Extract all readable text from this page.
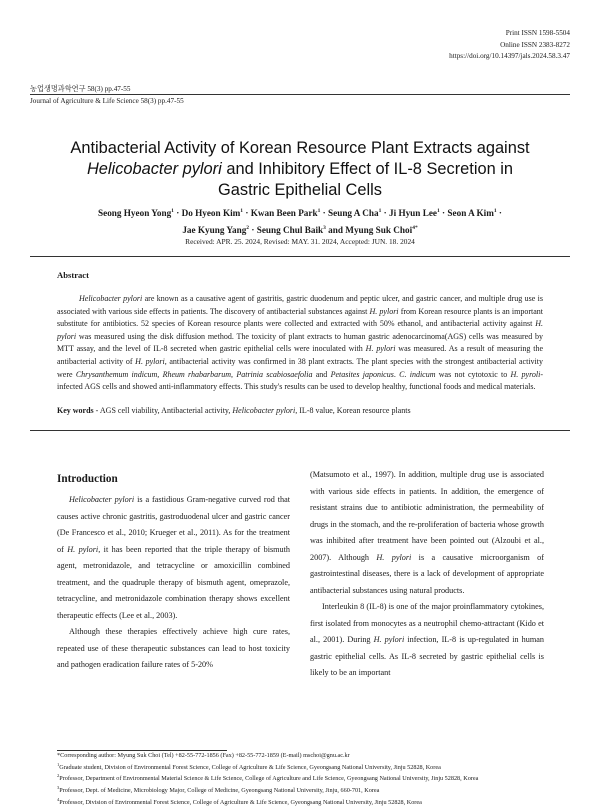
Print ISSN 1598-5504
Online ISSN 2383-8272
https://doi.org/10.14397/jals.2024.58.3.47
농업생명과학연구 58(3) pp.47-55
Journal of Agriculture & Life Science 58(3) pp.47-55
Antibacterial Activity of Korean Resource Plant Extracts against
Helicobacter pylori and Inhibitory Effect of IL-8 Secretion in
Gastric Epithelial Cells
Seong Hyeon Yong$^1$ · Do Hyeon Kim$^1$ · Kwan Been Park$^1$ · Seung A Cha$^1$ · Ji Hyun Lee$^1$ · Seon A Kim$^1$ ·
Jae Kyung Yang$^2$ · Seung Chul Baik$^3$ and Myung Suk Choi$^{4*}$
Received: APR. 25. 2024, Revised: MAY. 31. 2024, Accepted: JUN. 18. 2024
Abstract
Helicobacter pylori are known as a causative agent of gastritis, gastric duodenum and peptic ulcer, and gastric cancer, and multiple drug use is associated with various side effects in patients. The discovery of antibacterial substances against H. pylori from Korean resource plants is an important substitute for antibiotics. 52 species of Korean resource plants were collected and extracted with 50% ethanol, and antibacterial activity against H. pylori was measured using the disk diffusion method. The toxicity of plant extracts to human gastric adenocarcinoma(AGS) cells was measured by MTT assay, and the level of IL-8 secreted when gastric epithelial cells were inoculated with H. pylori was measured. As a result of measuring the antibacterial activity of H. pylori, antibacterial activity was confirmed in 38 plant extracts. The plant species with the strongest antibacterial activity were Chrysanthemum indicum, Rheum rhabarbarum, Patrinia scabiosaefolia and Petasites japonicus. C. indicum was not cytotoxic to H. pyroli-infected AGS cells and showed anti-inflammatory effects. This study's results can be used to develop healthy, functional foods and medical materials.
Key words - AGS cell viability, Antibacterial activity, Helicobacter pylori, IL-8 value, Korean resource plants
Introduction

Helicobacter pylori is a fastidious Gram-negative curved rod that causes active chronic gastritis, gastroduodenal ulcer and gastric cancer (De Francesco et al., 2010; Krueger et al., 2011). As for the treatment of H. pylori, it has been reported that the triple therapy of bismuth agent, metronidazole, and tetracycline or amoxicillin combined treatment, and the quadruple therapy of bismuth agent, omeprazole, tetracycline, and metronidazole combination therapy shows excellent therapeutic effects (Lee et al., 2003).

Although these therapies effectively achieve high cure rates, repeated use of these therapeutic substances can lead to host toxicity and pathogen eradication failure rates of 5-20%

(Matsumoto et al., 1997). In addition, multiple drug use is associated with various side effects in patients. In addition, the emergence of resistant strains due to antibiotic administration, the permeability of drugs in the stomach, and the re-proliferation of bacteria whose growth was inhibited after treatment have been pointed out (Alzoubi et al., 2007). Although H. pylori is a causative microorganism of gastrointestinal diseases, there is a lack of development of appropriate antibacterial substances using natural products.

Interleukin 8 (IL-8) is one of the major proinflammatory cytokines, first isolated from monocytes as a neutrophil chemo-attractant (Kido et al., 2001). During H. pylori infection, IL-8 is up-regulated in human gastric epithelial cells. As IL-8 secreted by gastric epithelial cells is likely to be an important

*Corresponding author: Myung Suk Choi (Tel) +82-55-772-1856 (Fax) +82-55-772-1859 (E-mail) mschoi@gnu.ac.kr
$^1$Graduate student, Division of Environmental Forest Science, College of Agriculture & Life Science, Gyeongsang National University, Jinju 52828, Korea
$^2$Professor, Department of Environmental Material Science & Life Science, College of Agriculture and Life Science, Gyeongsang National University, Jinju 52828, Korea
$^3$Professor, Dept. of Medicine, Microbiology Major, College of Medicine, Gyeongsang National University, Jinju, 660-701, Korea
$^4$Professor, Division of Environmental Forest Science, College of Agriculture & Life Science, Gyeongsang National University, Jinju 52828, Korea
